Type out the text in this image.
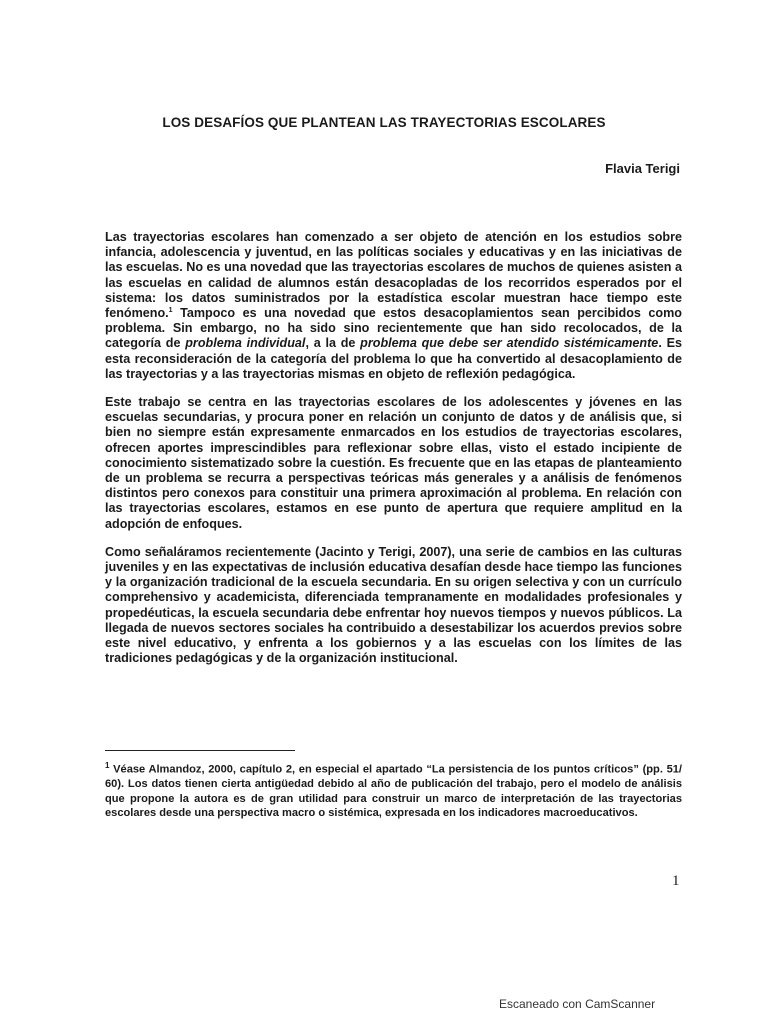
LOS DESAFÍOS QUE PLANTEAN LAS TRAYECTORIAS ESCOLARES
Flavia Terigi

Las trayectorias escolares han comenzado a ser objeto de atención en los estudios sobre infancia, adolescencia y juventud, en las políticas sociales y educativas y en las iniciativas de las escuelas. No es una novedad que las trayectorias escolares de muchos de quienes asisten a las escuelas en calidad de alumnos están desacopladas de los recorridos esperados por el sistema: los datos suministrados por la estadística escolar muestran hace tiempo este fenómeno.$^1$ Tampoco es una novedad que estos desacoplamientos sean percibidos como problema. Sin embargo, no ha sido sino recientemente que han sido recolocados, de la categoría de problema individual, a la de problema que debe ser atendido sistémicamente. Es esta reconsideración de la categoría del problema lo que ha convertido al desacoplamiento de las trayectorias y a las trayectorias mismas en objeto de reflexión pedagógica.

Este trabajo se centra en las trayectorias escolares de los adolescentes y jóvenes en las escuelas secundarias, y procura poner en relación un conjunto de datos y de análisis que, si bien no siempre están expresamente enmarcados en los estudios de trayectorias escolares, ofrecen aportes imprescindibles para reflexionar sobre ellas, visto el estado incipiente de conocimiento sistematizado sobre la cuestión. Es frecuente que en las etapas de planteamiento de un problema se recurra a perspectivas teóricas más generales y a análisis de fenómenos distintos pero conexos para constituir una primera aproximación al problema. En relación con las trayectorias escolares, estamos en ese punto de apertura que requiere amplitud en la adopción de enfoques.

Como señaláramos recientemente (Jacinto y Terigi, 2007), una serie de cambios en las culturas juveniles y en las expectativas de inclusión educativa desafían desde hace tiempo las funciones y la organización tradicional de la escuela secundaria. En su origen selectiva y con un currículo comprehensivo y academicista, diferenciada tempranamente en modalidades profesionales y propedéuticas, la escuela secundaria debe enfrentar hoy nuevos tiempos y nuevos públicos. La llegada de nuevos sectores sociales ha contribuido a desestabilizar los acuerdos previos sobre este nivel educativo, y enfrenta a los gobiernos y a las escuelas con los límites de las tradiciones pedagógicas y de la organización institucional.

$^1$ Véase Almandoz, 2000, capítulo 2, en especial el apartado “La persistencia de los puntos críticos” (pp. 51/ 60). Los datos tienen cierta antigüedad debido al año de publicación del trabajo, pero el modelo de análisis que propone la autora es de gran utilidad para construir un marco de interpretación de las trayectorias escolares desde una perspectiva macro o sistémica, expresada en los indicadores macroeducativos.
1
Escaneado con CamScanner
